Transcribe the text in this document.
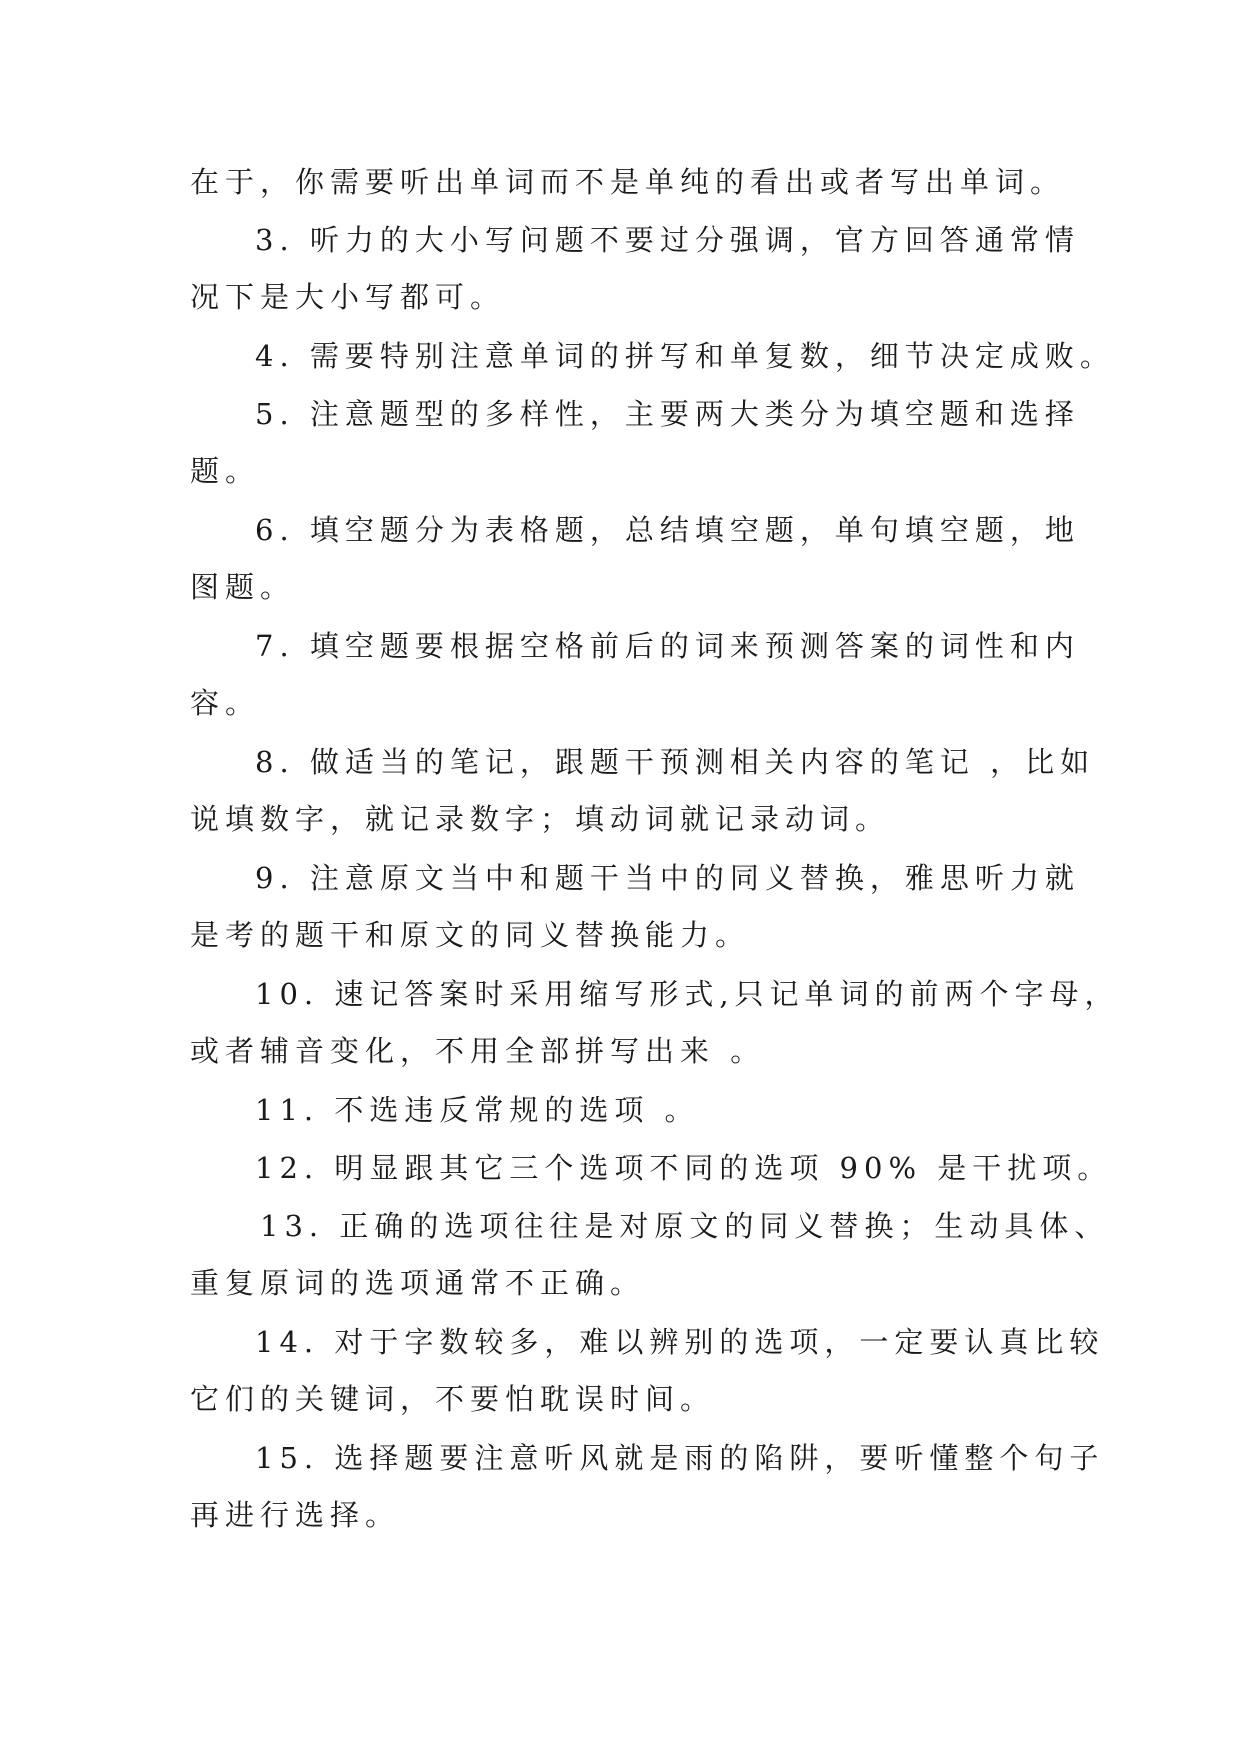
在于，你需要听出单词而不是单纯的看出或者写出单词。
3. 听力的大小写问题不要过分强调，官方回答通常情
况下是大小写都可。
4. 需要特别注意单词的拼写和单复数，细节决定成败。
5. 注意题型的多样性，主要两大类分为填空题和选择
题。
6. 填空题分为表格题，总结填空题，单句填空题，地
图题。
7. 填空题要根据空格前后的词来预测答案的词性和内
容。
8. 做适当的笔记，跟题干预测相关内容的笔记 ，比如
说填数字，就记录数字；填动词就记录动词。
9. 注意原文当中和题干当中的同义替换，雅思听力就
是考的题干和原文的同义替换能力。
10. 速记答案时采用缩写形式,只记单词的前两个字母，
或者辅音变化，不用全部拼写出来 。
11. 不选违反常规的选项 。
12. 明显跟其它三个选项不同的选项 90% 是干扰项。
13. 正确的选项往往是对原文的同义替换；生动具体、
重复原词的选项通常不正确。
14. 对于字数较多，难以辨别的选项，一定要认真比较
它们的关键词，不要怕耽误时间。
15. 选择题要注意听风就是雨的陷阱，要听懂整个句子
再进行选择。
